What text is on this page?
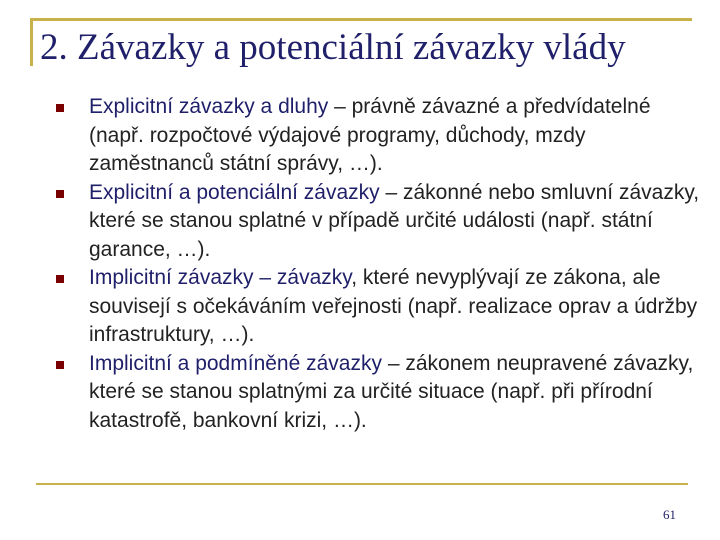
2. Závazky a potenciální závazky vlády
Explicitní závazky a dluhy – právně závazné a předvídatelné (např. rozpočtové výdajové programy, důchody, mzdy zaměstnanců státní správy, …).
Explicitní a potenciální závazky – zákonné nebo smluvní závazky, které se stanou splatné v případě určité události (např. státní garance, …).
Implicitní závazky – závazky, které nevyplývají ze zákona, ale souvisejí s očekáváním veřejnosti (např. realizace oprav a údržby infrastruktury, …).
Implicitní a podmíněné závazky – zákonem neupravené závazky, které se stanou splatnými za určité situace (např. při přírodní katastrofě, bankovní krizi, …).
61
